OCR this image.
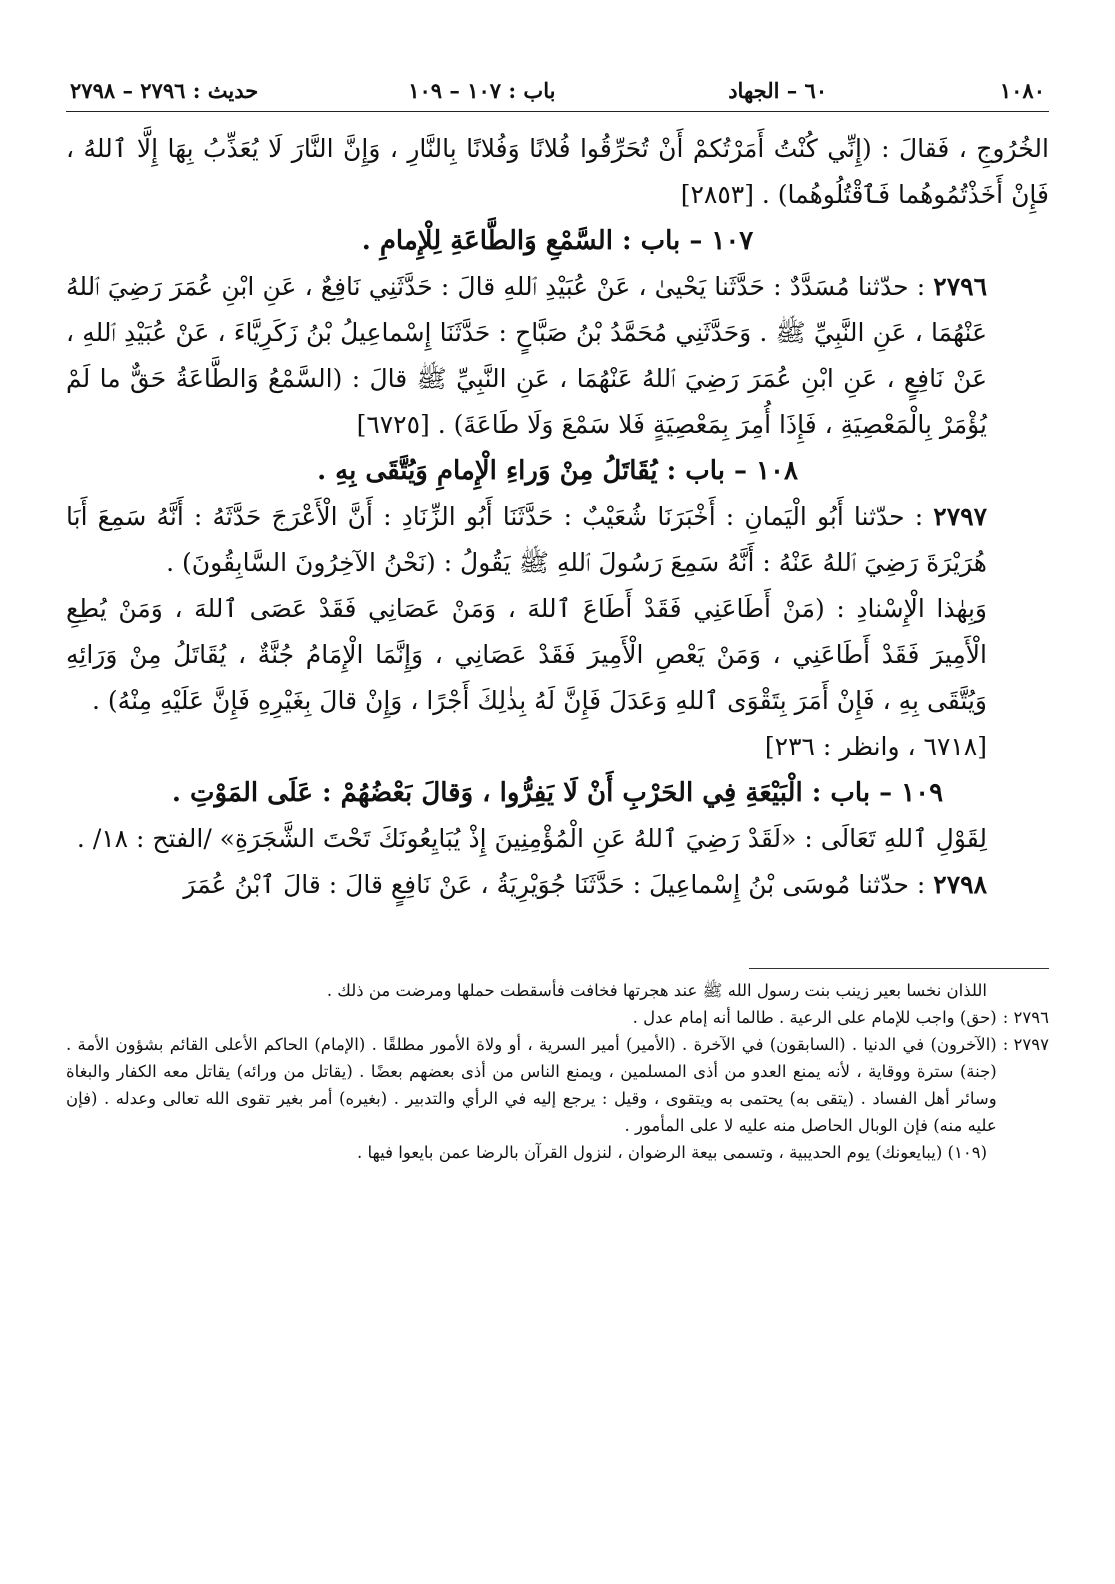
١٠٨٠
٦٠ – الجهاد
باب : ١٠٧ – ١٠٩
حديث : ٢٧٩٦ – ٢٧٩٨

الخُرُوجِ ، فَقالَ : (إِنِّي كُنْتُ أَمَرْتُكمْ أَنْ تُحَرِّقُوا فُلانًا وَفُلانًا بِالنَّارِ ، وَإِنَّ النَّارَ لَا يُعَذِّبُ بِهَا إِلَّا ٱللهُ ، فَإِنْ أَخَذْتُمُوهُما فَٱقْتُلُوهُما) . [٢٨٥٣]

١٠٧ – باب : السَّمْعِ وَالطَّاعَةِ لِلْإِمامِ .

٢٧٩٦ : حدّثنا مُسَدَّدٌ : حَدَّثَنا يَحْيىٰ ، عَنْ عُبَيْدِ ٱللهِ قالَ : حَدَّثَنِي نَافِعٌ ، عَنِ ابْنِ عُمَرَ رَضِيَ ٱللهُ عَنْهُمَا ، عَنِ النَّبِيِّ ﷺ . وَحَدَّثَنِي مُحَمَّدُ بْنُ صَبَّاحٍ : حَدَّثَنَا إِسْماعِيلُ بْنُ زَكَرِيَّاءَ ، عَنْ عُبَيْدِ ٱللهِ ، عَنْ نَافِعٍ ، عَنِ ابْنِ عُمَرَ رَضِيَ ٱللهُ عَنْهُمَا ، عَنِ النَّبِيِّ ﷺ قالَ : (السَّمْعُ وَالطَّاعَةُ حَقٌّ ما لَمْ يُؤْمَرْ بِالْمَعْصِيَةِ ، فَإِذَا أُمِرَ بِمَعْصِيَةٍ فَلا سَمْعَ وَلَا طَاعَةَ) . [٦٧٢٥]

١٠٨ – باب : يُقَاتَلُ مِنْ وَراءِ الْإِمامِ وَيُتَّقَى بِهِ .

٢٧٩٧ : حدّثنا أَبُو الْيَمانِ : أَخْبَرَنَا شُعَيْبٌ : حَدَّثَنَا أَبُو الزِّنَادِ : أَنَّ الْأَعْرَجَ حَدَّثَهُ : أَنَّهُ سَمِعَ أَبَا هُرَيْرَةَ رَضِيَ ٱللهُ عَنْهُ : أَنَّهُ سَمِعَ رَسُولَ ٱللهِ ﷺ يَقُولُ : (نَحْنُ الآخِرُونَ السَّابِقُونَ) .

وَبِهٰذا الْإِسْنادِ : (مَنْ أَطَاعَنِي فَقَدْ أَطَاعَ ٱللهَ ، وَمَنْ عَصَانِي فَقَدْ عَصَى ٱللهَ ، وَمَنْ يُطِعِ الْأَمِيرَ فَقَدْ أَطَاعَنِي ، وَمَنْ يَعْصِ الْأَمِيرَ فَقَدْ عَصَانِي ، وَإِنَّمَا الْإِمَامُ جُنَّةٌ ، يُقَاتَلُ مِنْ وَرَائِهِ وَيُتَّقَى بِهِ ، فَإِنْ أَمَرَ بِتَقْوَى ٱللهِ وَعَدَلَ فَإِنَّ لَهُ بِذٰلِكَ أَجْرًا ، وَإِنْ قالَ بِغَيْرِهِ فَإِنَّ عَلَيْهِ مِنْهُ) .

[٦٧١٨ ، وانظر : ٢٣٦]

١٠٩ – باب : الْبَيْعَةِ فِي الحَرْبِ أَنْ لَا يَفِرُّوا ، وَقالَ بَعْضُهُمْ : عَلَى المَوْتِ .

لِقَوْلِ ٱللهِ تَعَالَى : «لَقَدْ رَضِيَ ٱللهُ عَنِ الْمُؤْمِنِينَ إِذْ يُبَايِعُونَكَ تَحْتَ الشَّجَرَةِ» /الفتح : ١٨/ .

٢٧٩٨ : حدّثنا مُوسَى بْنُ إِسْماعِيلَ : حَدَّثَنَا جُوَيْرِيَةُ ، عَنْ نَافِعٍ قالَ : قالَ ٱبْنُ عُمَرَ

اللذان نخسا بعير زينب بنت رسول الله ﷺ عند هجرتها فخافت فأسقطت حملها ومرضت من ذلك .

٢٧٩٦ :
(حق) واجب للإمام على الرعية . طالما أنه إمام عدل .
٢٧٩٧ :
(الآخرون) في الدنيا . (السابقون) في الآخرة . (الأمير) أمير السرية ، أو ولاة الأمور مطلقًا . (الإمام) الحاكم الأعلى القائم بشؤون الأمة . (جنة) سترة ووقاية ، لأنه يمنع العدو من أذى المسلمين ، ويمنع الناس من أذى بعضهم بعضًا . (يقاتل من ورائه) يقاتل معه الكفار والبغاة وسائر أهل الفساد . (يتقى به) يحتمى به ويتقوى ، وقيل : يرجع إليه في الرأي والتدبير . (بغيره) أمر بغير تقوى الله تعالى وعدله . (فإن عليه منه) فإن الوبال الحاصل منه عليه لا على المأمور .

(١٠٩) (يبايعونك) يوم الحديبية ، وتسمى بيعة الرضوان ، لنزول القرآن بالرضا عمن بايعوا فيها .
